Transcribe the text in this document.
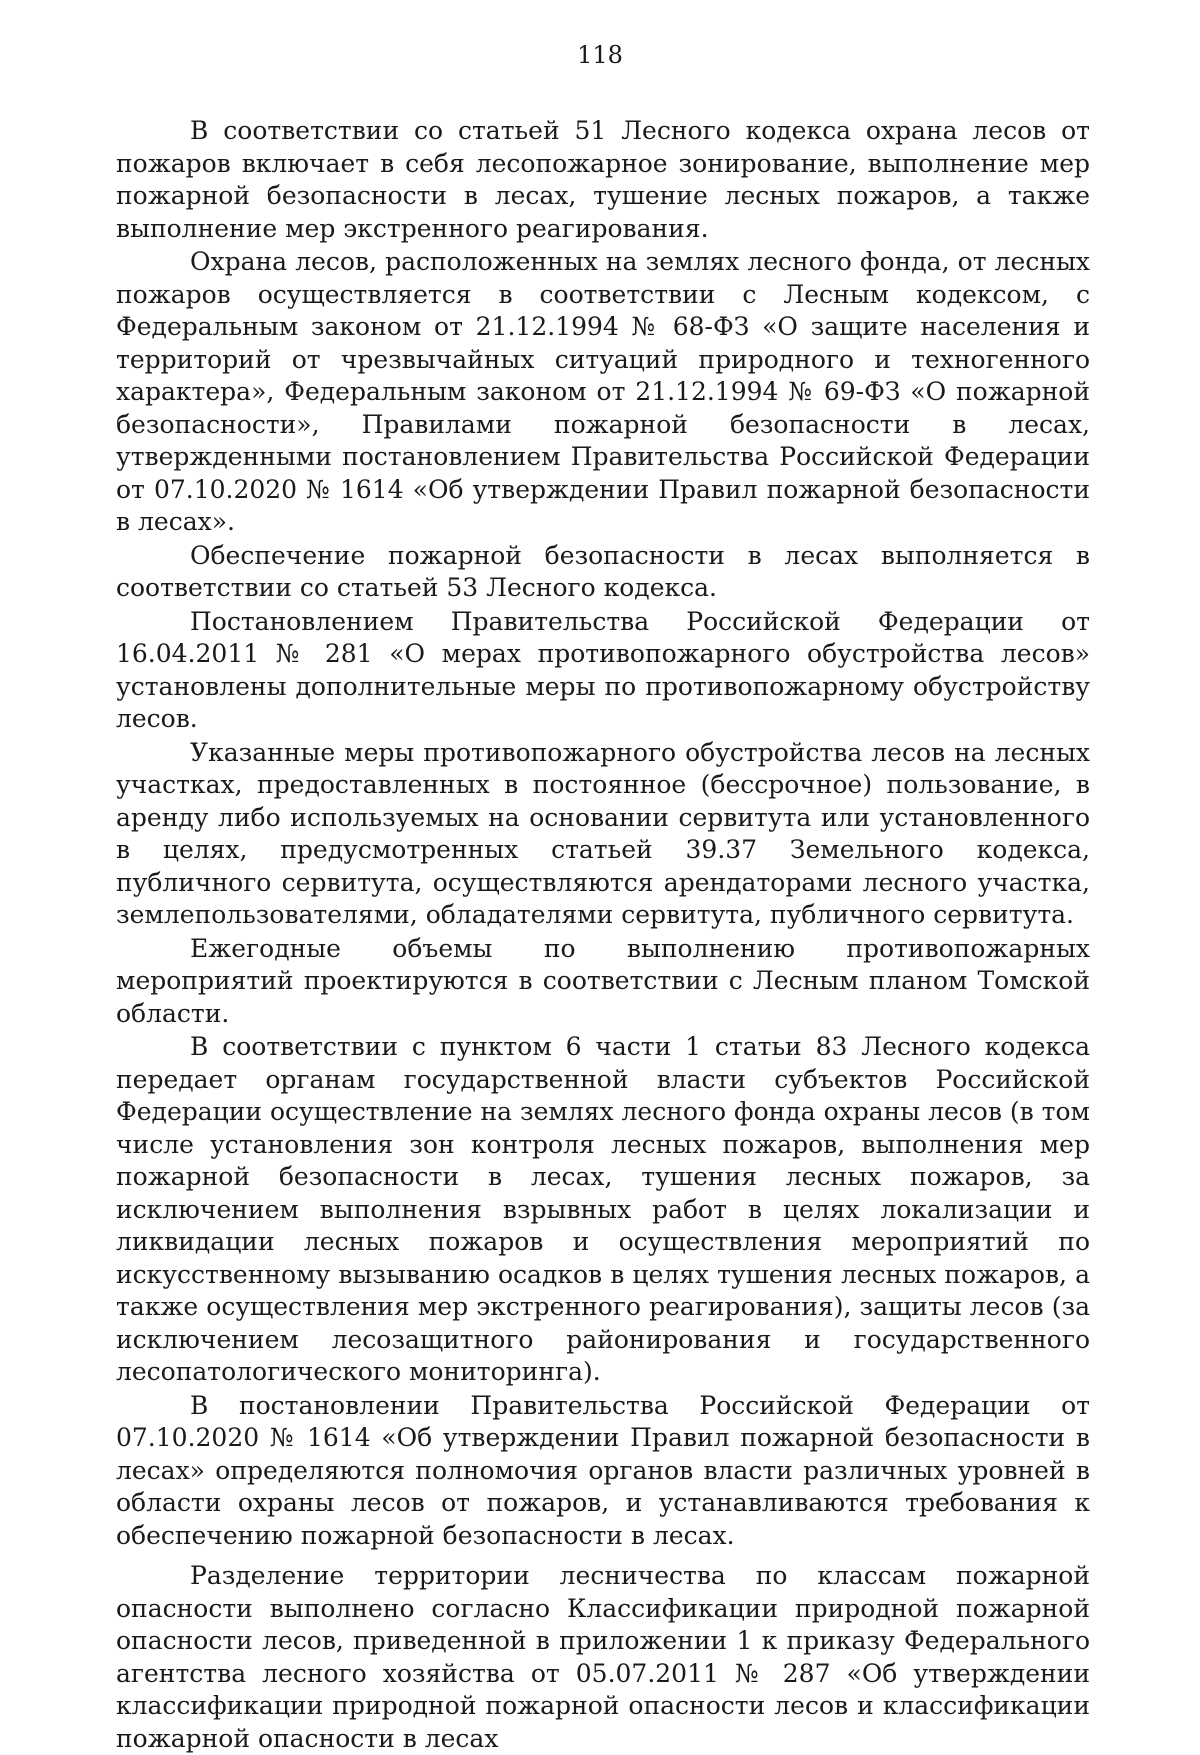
118

В соответствии со статьей 51 Лесного кодекса охрана лесов от пожаров включает в себя лесопожарное зонирование, выполнение мер пожарной безопасности в лесах, тушение лесных пожаров, а также выполнение мер экстренного реагирования.

Охрана лесов, расположенных на землях лесного фонда, от лесных пожаров осуществляется в соответствии с Лесным кодексом, с Федеральным законом от 21.12.1994 № 68-ФЗ «О защите населения и территорий от чрезвычайных ситуаций природного и техногенного характера», Федеральным законом от 21.12.1994 № 69-ФЗ «О пожарной безопасности», Правилами пожарной безопасности в лесах, утвержденными постановлением Правительства Российской Федерации от 07.10.2020 № 1614 «Об утверждении Правил пожарной безопасности в лесах».

Обеспечение пожарной безопасности в лесах выполняется в соответствии со статьей 53 Лесного кодекса.

Постановлением Правительства Российской Федерации от 16.04.2011 № 281 «О мерах противопожарного обустройства лесов» установлены дополнительные меры по противопожарному обустройству лесов.

Указанные меры противопожарного обустройства лесов на лесных участках, предоставленных в постоянное (бессрочное) пользование, в аренду либо используемых на основании сервитута или установленного в целях, предусмотренных статьей 39.37 Земельного кодекса, публичного сервитута, осуществляются арендаторами лесного участка, землепользователями, обладателями сервитута, публичного сервитута.

Ежегодные объемы по выполнению противопожарных мероприятий проектируются в соответствии с Лесным планом Томской области.

В соответствии с пунктом 6 части 1 статьи 83 Лесного кодекса передает органам государственной власти субъектов Российской Федерации осуществление на землях лесного фонда охраны лесов (в том числе установления зон контроля лесных пожаров, выполнения мер пожарной безопасности в лесах, тушения лесных пожаров, за исключением выполнения взрывных работ в целях локализации и ликвидации лесных пожаров и осуществления мероприятий по искусственному вызыванию осадков в целях тушения лесных пожаров, а также осуществления мер экстренного реагирования), защиты лесов (за исключением лесозащитного районирования и государственного лесопатологического мониторинга).

В постановлении Правительства Российской Федерации от 07.10.2020 № 1614 «Об утверждении Правил пожарной безопасности в лесах» определяются полномочия органов власти различных уровней в области охраны лесов от пожаров, и устанавливаются требования к обеспечению пожарной безопасности в лесах.

Разделение территории лесничества по классам пожарной опасности выполнено согласно Классификации природной пожарной опасности лесов, приведенной в приложении 1 к приказу Федерального агентства лесного хозяйства от 05.07.2011 № 287 «Об утверждении классификации природной пожарной опасности лесов и классификации пожарной опасности в лесах
